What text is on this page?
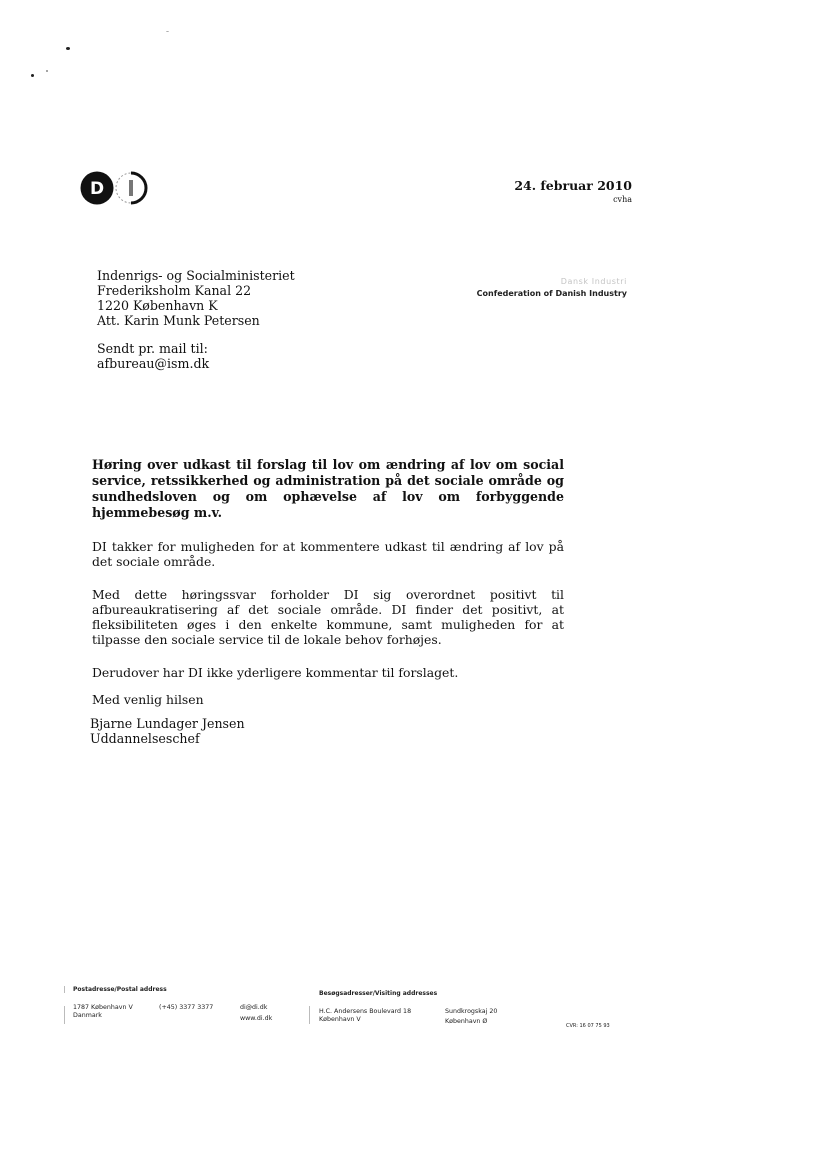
D	24. februar 2010
cvha
Dansk Industri
Confederation of Danish Industry
Indenrigs- og Socialministeriet
Frederiksholm Kanal 22
1220 København K
Att. Karin Munk Petersen
Sendt pr. mail til:
afbureau@ism.dk

Høring over udkast til forslag til lov om ændring af lov om social service, retssikkerhed og administration på det sociale område og sundhedsloven og om ophævelse af lov om forbyggende hjemmebesøg m.v.

DI takker for muligheden for at kommentere udkast til ændring af lov på det sociale område.

Med dette høringssvar forholder DI sig overordnet positivt til afbureaukratisering af det sociale område. DI finder det positivt, at fleksibiliteten øges i den enkelte kommune, samt muligheden for at tilpasse den sociale service til de lokale behov forhøjes.

Derudover har DI ikke yderligere kommentar til forslaget.

Med venlig hilsen

Bjarne Lundager Jensen
Uddannelseschef
Postadresse/Postal address
1787 København V
Danmark
(+45) 3377 3377	di@di.dk
www.di.dk
Besøgsadresser/Visiting addresses
H.C. Andersens Boulevard 18
København V
Sundkrogskaj 20
København Ø
CVR: 16 07 75 93
